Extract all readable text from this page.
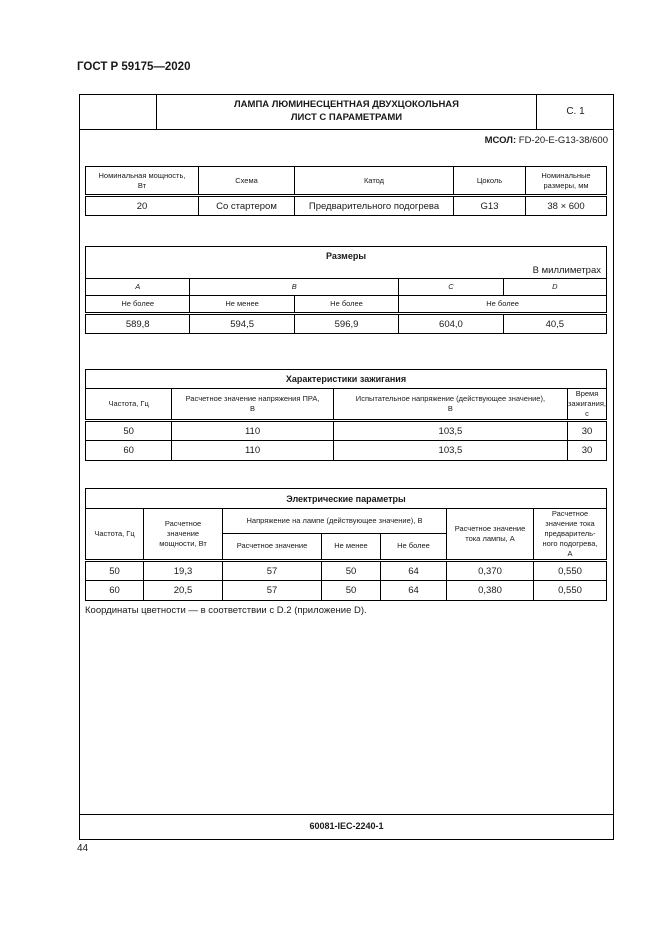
ГОСТ Р 59175—2020
ЛАМПА ЛЮМИНЕСЦЕНТНАЯ ДВУХЦОКОЛЬНАЯ
ЛИСТ С ПАРАМЕТРАМИ
С. 1
МСОЛ: FD-20-E-G13-38/600
Номинальная мощность, Вт	Схема	Катод	Цоколь	Номинальные размеры, мм
20	Со стартером	Предварительного подогрева	G13	38 × 600
Размеры				
В миллиметрах				
A	B		C	D
Не более	Не менее	Не более	Не более	
589,8	594,5	596,9	604,0	40,5
Характеристики зажигания			
Частота, Гц	Расчетное значение напряжения ПРА, В	Испытательное напряжение (действующее значение), В	Время зажигания, с
50	110	103,5	30
60	110	103,5	30
Электрические параметры						
Частота, Гц	Расчетное значение мощности, Вт	Напряжение на лампе (действующее значение), В			Расчетное значение тока лампы, А	Расчетное значение тока предваритель-ного подогрева, А
		Расчетное значение	Не менее	Не более		
50	19,3	57	50	64	0,370	0,550
60	20,5	57	50	64	0,380	0,550
Координаты цветности — в соответствии с D.2 (приложение D).
60081-IEC-2240-1
44
